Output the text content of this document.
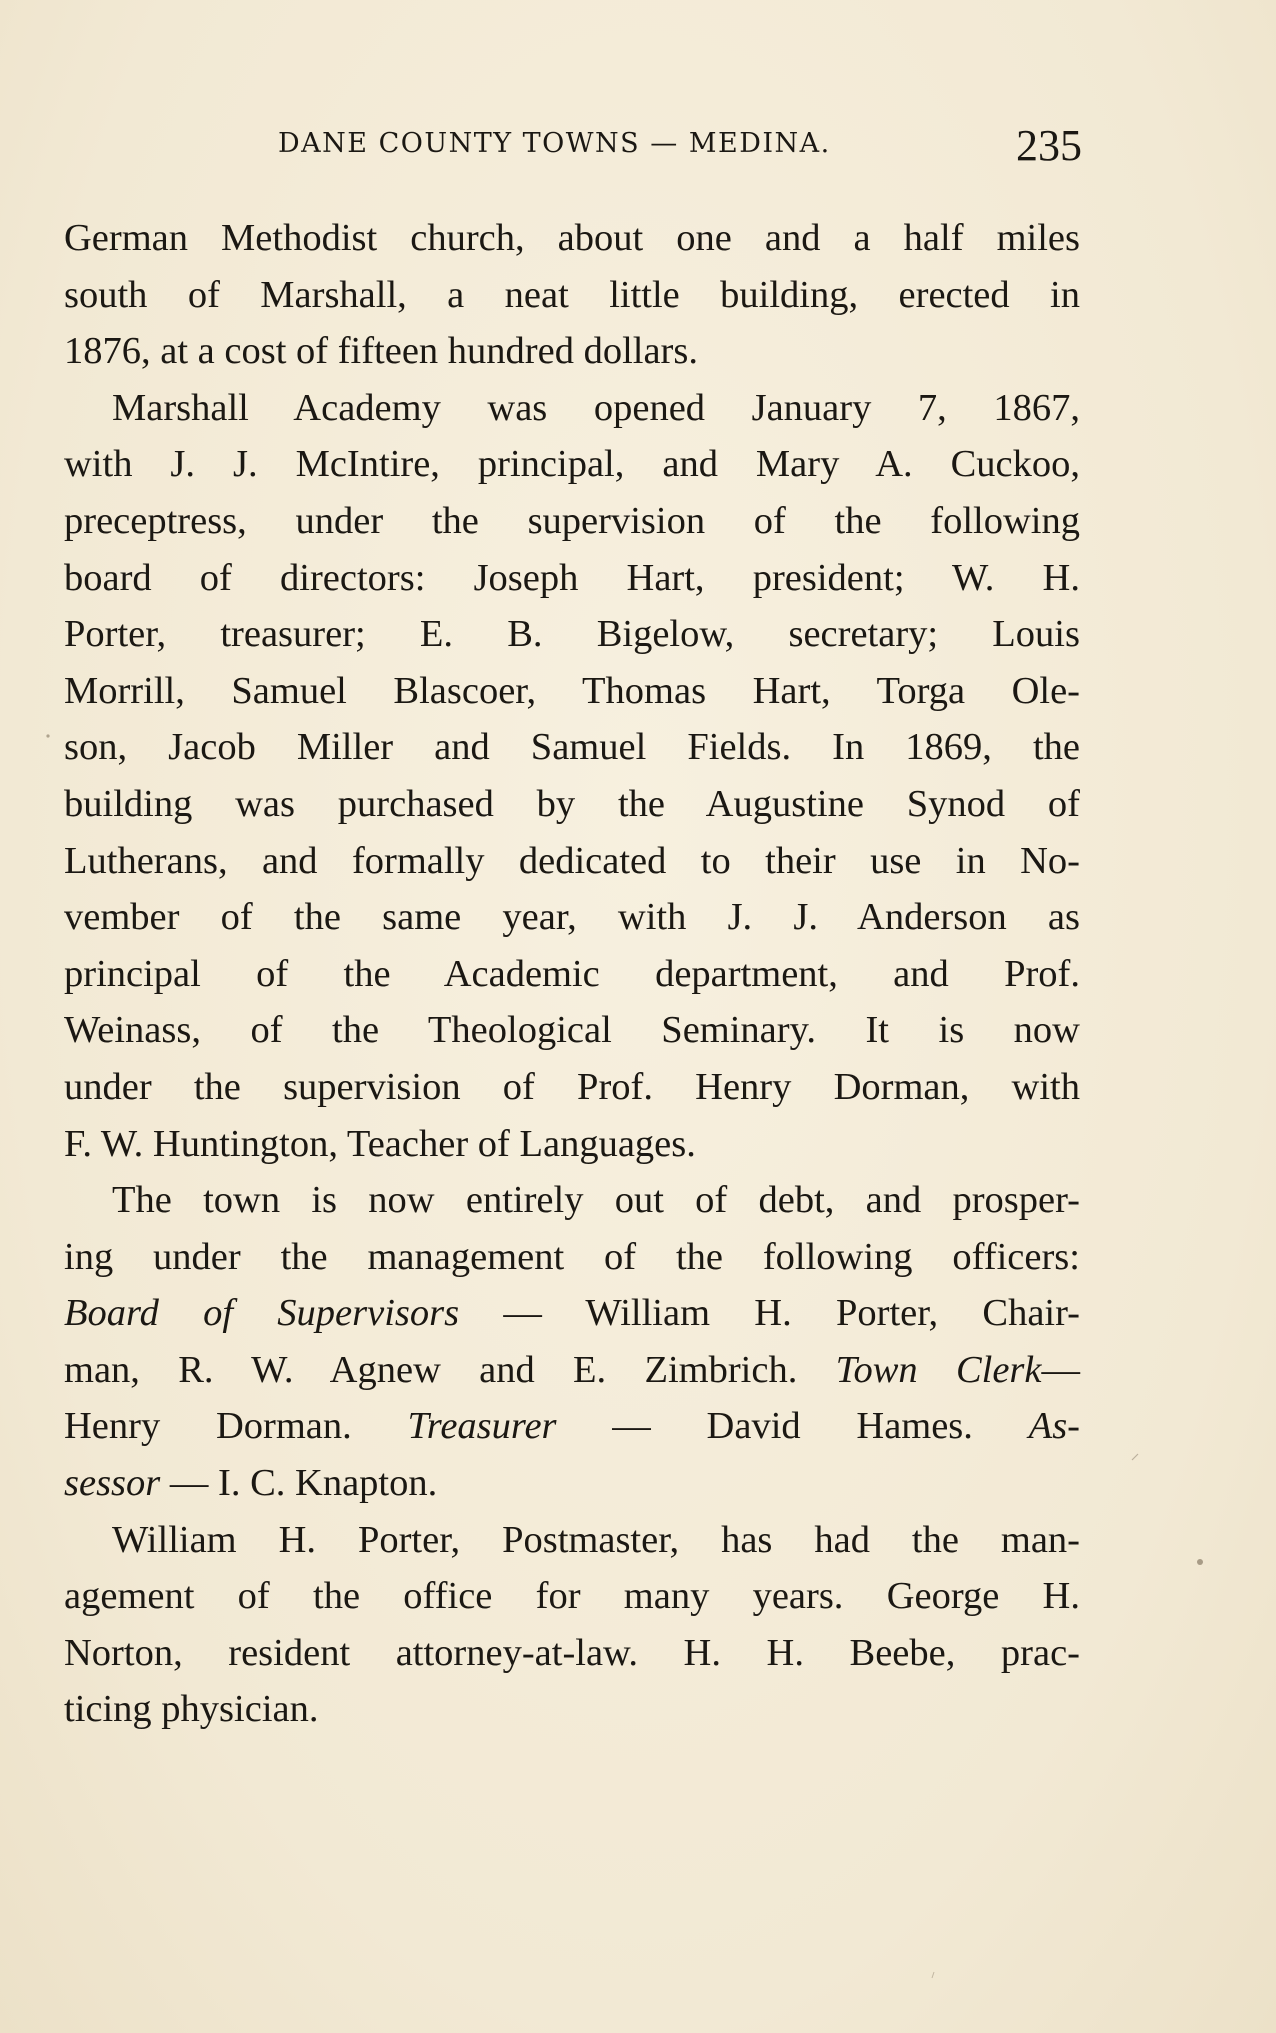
DANE COUNTY TOWNS — MEDINA.	235
German Methodist church, about one and a half miles
south of Marshall, a neat little building, erected in
1876, at a cost of fifteen hundred dollars.
Marshall Academy was opened January 7, 1867,
with J. J. McIntire, principal, and Mary A. Cuckoo,
preceptress, under the supervision of the following
board of directors: Joseph Hart, president; W. H.
Porter, treasurer; E. B. Bigelow, secretary; Louis
Morrill, Samuel Blascoer, Thomas Hart, Torga Ole-
son, Jacob Miller and Samuel Fields. In 1869, the
building was purchased by the Augustine Synod of
Lutherans, and formally dedicated to their use in No-
vember of the same year, with J. J. Anderson as
principal of the Academic department, and Prof.
Weinass, of the Theological Seminary. It is now
under the supervision of Prof. Henry Dorman, with
F. W. Huntington, Teacher of Languages.
The town is now entirely out of debt, and prosper-
ing under the management of the following officers:
Board of Supervisors — William H. Porter, Chair-
man, R. W. Agnew and E. Zimbrich. Town Clerk—
Henry Dorman. Treasurer — David Hames. As-
sessor — I. C. Knapton.
William H. Porter, Postmaster, has had the man-
agement of the office for many years. George H.
Norton, resident attorney-at-law. H. H. Beebe, prac-
ticing physician.
